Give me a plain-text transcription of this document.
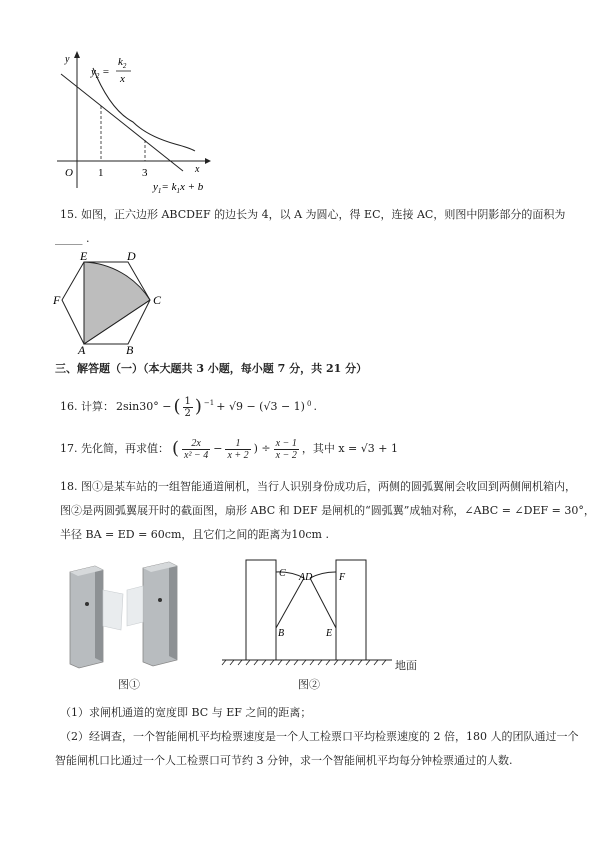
y
x
O 1	3
$y_2$ =
$k_2$
x
$y_1= k_1x + b$
15. 如图，正六边形 ABCDEF 的边长为 4，以 A 为圆心，得 EC，连接 AC，则图中阴影部分的面积为
_____ .
A	B
C
D
E
F
三、解答题（一）（本大题共 3 小题，每小题 7 分，共 21 分）
16. 计算： 2sin30° − ( $\frac{1}{2}$ ) −1 + √9 − (√3 − 1) 0 .
17. 先化简，再求值： ( $\frac{2x}{\text{x² − 4}} - \frac{1}{x + 2}$ ) ÷ $\frac{x - 1}{x - 2}$ ，其中 x = √3 + 1
18. 图①是某车站的一组智能通道闸机，当行人识别身份成功后，两侧的圆弧翼闸会收回到两侧闸机箱内，
图②是两圆弧翼展开时的截面图，扇形 ABC 和 DEF 是闸机的“圆弧翼”成轴对称，∠ABC = ∠DEF = 30°，
半径 BA = ED = 60cm，且它们之间的距离为10cm .
图①
C AD	F
B	E
地面
图②
（1）求闸机通道的宽度即 BC 与 EF 之间的距离；
（2）经调查，一个智能闸机平均检票速度是一个人工检票口平均检票速度的 2 倍，180 人的团队通过一个
智能闸机口比通过一个人工检票口可节约 3 分钟，求一个智能闸机平均每分钟检票通过的人数.
